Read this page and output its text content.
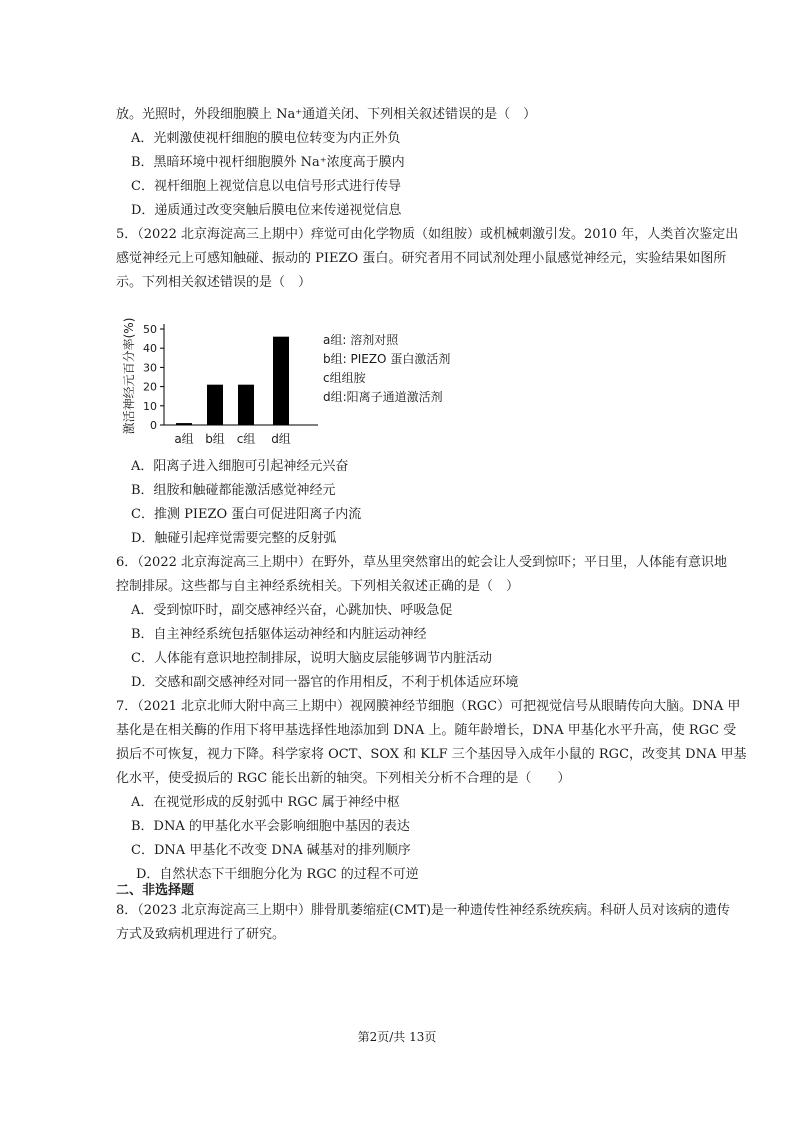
放。光照时，外段细胞膜上 Na⁺通道关闭、下列相关叙述错误的是（　）
A．光刺激使视杆细胞的膜电位转变为内正外负
B．黑暗环境中视杆细胞膜外 Na⁺浓度高于膜内
C．视杆细胞上视觉信息以电信号形式进行传导
D．递质通过改变突触后膜电位来传递视觉信息
5．（2022 北京海淀高三上期中）痒觉可由化学物质（如组胺）或机械刺激引发。2010 年，人类首次鉴定出
感觉神经元上可感知触碰、振动的 PIEZO 蛋白。研究者用不同试剂处理小鼠感觉神经元，实验结果如图所
示。下列相关叙述错误的是（　）
激活神经元百分率(%) 0
10
20
30
40
50
a组 b组 c组 d组
a组: 溶剂对照
b组: PIEZO 蛋白激活剂
c组组胺
d组:阳离子通道激活剂
A．阳离子进入细胞可引起神经元兴奋
B．组胺和触碰都能激活感觉神经元
C．推测 PIEZO 蛋白可促进阳离子内流
D．触碰引起痒觉需要完整的反射弧
6．（2022 北京海淀高三上期中）在野外，草丛里突然窜出的蛇会让人受到惊吓；平日里，人体能有意识地
控制排尿。这些都与自主神经系统相关。下列相关叙述正确的是（　）
A．受到惊吓时，副交感神经兴奋，心跳加快、呼吸急促
B．自主神经系统包括躯体运动神经和内脏运动神经
C．人体能有意识地控制排尿，说明大脑皮层能够调节内脏活动
D．交感和副交感神经对同一器官的作用相反，不利于机体适应环境
7．（2021 北京北师大附中高三上期中）视网膜神经节细胞（RGC）可把视觉信号从眼睛传向大脑。DNA 甲
基化是在相关酶的作用下将甲基选择性地添加到 DNA 上。随年龄增长，DNA 甲基化水平升高，使 RGC 受
损后不可恢复，视力下降。科学家将 OCT、SOX 和 KLF 三个基因导入成年小鼠的 RGC，改变其 DNA 甲基
化水平，使受损后的 RGC 能长出新的轴突。下列相关分析不合理的是（　　）
A．在视觉形成的反射弧中 RGC 属于神经中枢
B．DNA 的甲基化水平会影响细胞中基因的表达
C．DNA 甲基化不改变 DNA 碱基对的排列顺序
D．自然状态下干细胞分化为 RGC 的过程不可逆
二、非选择题
8．（2023 北京海淀高三上期中）腓骨肌萎缩症(CMT)是一种遗传性神经系统疾病。科研人员对该病的遗传
方式及致病机理进行了研究。
第2页/共 13页
